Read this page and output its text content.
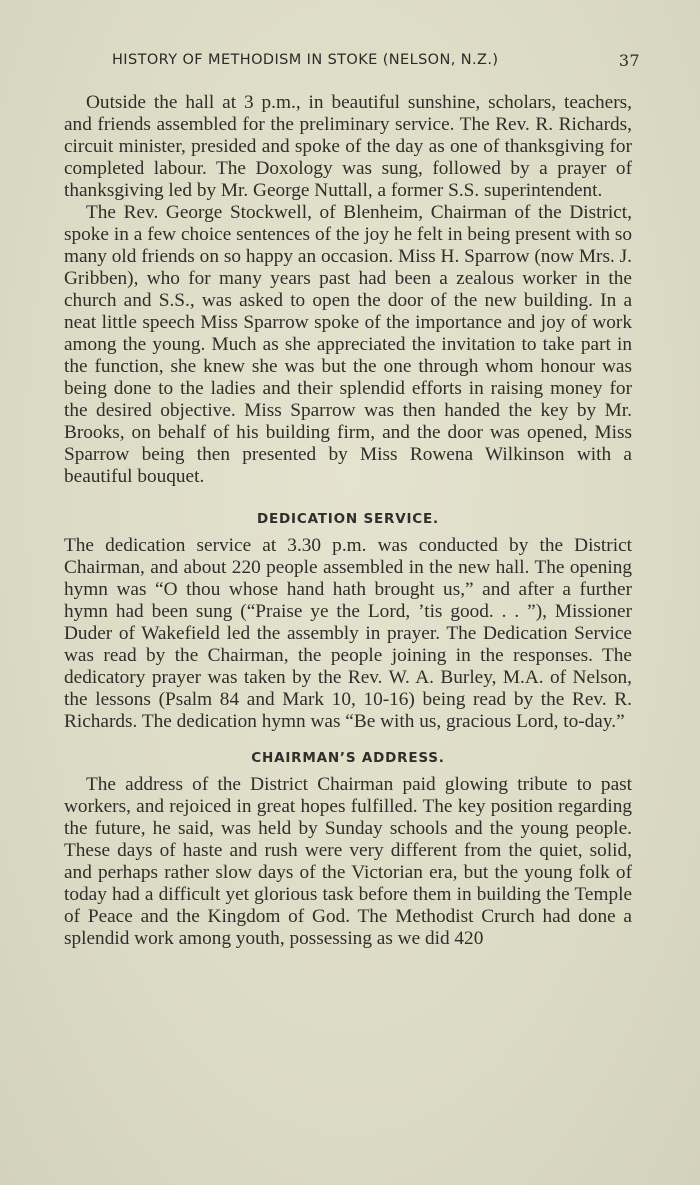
HISTORY OF METHODISM IN STOKE (NELSON, N.Z.)	37

Outside the hall at 3 p.m., in beautiful sunshine, scholars, teachers, and friends assembled for the preliminary service. The Rev. R. Richards, circuit minister, presided and spoke of the day as one of thanksgiving for completed labour. The Doxology was sung, followed by a prayer of thanksgiving led by Mr. George Nuttall, a former S.S. superintendent.

The Rev. George Stockwell, of Blenheim, Chairman of the District, spoke in a few choice sentences of the joy he felt in being present with so many old friends on so happy an occasion. Miss H. Sparrow (now Mrs. J. Gribben), who for many years past had been a zealous worker in the church and S.S., was asked to open the door of the new building. In a neat little speech Miss Sparrow spoke of the importance and joy of work among the young. Much as she appreciated the invitation to take part in the function, she knew she was but the one through whom honour was being done to the ladies and their splendid efforts in raising money for the desired objective. Miss Sparrow was then handed the key by Mr. Brooks, on behalf of his building firm, and the door was opened, Miss Sparrow being then presented by Miss Rowena Wilkinson with a beautiful bouquet.

DEDICATION SERVICE.

The dedication service at 3.30 p.m. was conducted by the District Chairman, and about 220 people assembled in the new hall. The opening hymn was “O thou whose hand hath brought us,” and after a further hymn had been sung (“Praise ye the Lord, ’tis good. . . ”), Missioner Duder of Wakefield led the assembly in prayer. The Dedication Service was read by the Chairman, the people joining in the responses. The dedicatory prayer was taken by the Rev. W. A. Burley, M.A. of Nelson, the lessons (Psalm 84 and Mark 10, 10-16) being read by the Rev. R. Richards. The dedication hymn was “Be with us, gracious Lord, to-day.”

CHAIRMAN’S ADDRESS.

The address of the District Chairman paid glowing tribute to past workers, and rejoiced in great hopes fulfilled. The key position regarding the future, he said, was held by Sunday schools and the young people. These days of haste and rush were very different from the quiet, solid, and perhaps rather slow days of the Victorian era, but the young folk of today had a difficult yet glorious task before them in building the Temple of Peace and the Kingdom of God. The Methodist Crurch had done a splendid work among youth, possessing as we did 420
